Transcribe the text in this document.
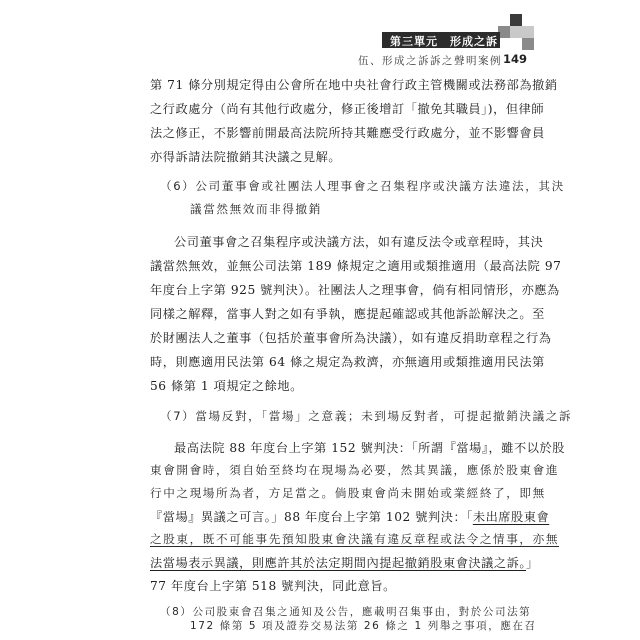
第三單元　形成之訴
伍、形成之訴訴之聲明案例 149
第 71 條分別規定得由公會所在地中央社會行政主管機關或法務部為撤銷
之行政處分（尚有其他行政處分，修正後增訂「撤免其職員」)，但律師
法之修正，不影響前開最高法院所持其難應受行政處分，並不影響會員
亦得訴請法院撤銷其決議之見解。
（6）公司董事會或社團法人理事會之召集程序或決議方法違法，其決
議當然無效而非得撤銷
公司董事會之召集程序或決議方法，如有違反法令或章程時，其決
議當然無效，並無公司法第 189 條規定之適用或類推適用（最高法院 97
年度台上字第 925 號判決）。社團法人之理事會，倘有相同情形，亦應為
同樣之解釋，當事人對之如有爭執，應提起確認或其他訴訟解決之。至
於財團法人之董事（包括於董事會所為決議），如有違反捐助章程之行為
時，則應適用民法第 64 條之規定為救濟，亦無適用或類推適用民法第
56 條第 1 項規定之餘地。
（7）當場反對，「當場」之意義；未到場反對者，可提起撤銷決議之訴
最高法院 88 年度台上字第 152 號判決：「所謂『當場』，雖不以於股
東會開會時，須自始至終均在現場為必要，然其異議，應係於股東會進
行中之現場所為者，方足當之。倘股東會尚未開始或業經終了，即無
『當場』異議之可言。」88 年度台上字第 102 號判決：「未出席股東會
之股東，既不可能事先預知股東會決議有違反章程或法令之情事，亦無
法當場表示異議，則應許其於法定期間內提起撤銷股東會決議之訴。」
77 年度台上字第 518 號判決，同此意旨。
（8）公司股東會召集之通知及公告，應載明召集事由，對於公司法第
172 條第 5 項及證券交易法第 26 條之 1 列舉之事項，應在召
